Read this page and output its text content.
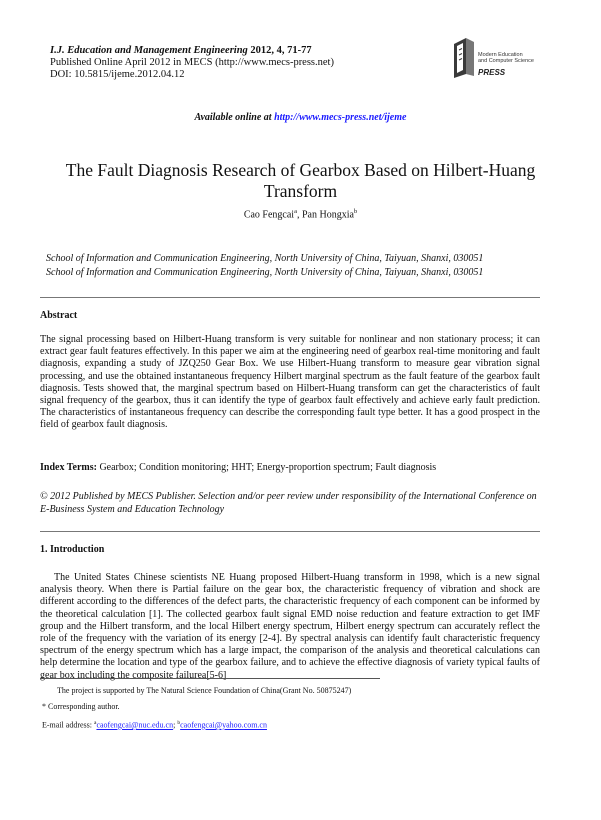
I.J. Education and Management Engineering 2012, 4, 71-77
Published Online April 2012 in MECS (http://www.mecs-press.net)
DOI: 10.5815/ijeme.2012.04.12
Modern Education
and Computer Science
PRESS
Available online at http://www.mecs-press.net/ijeme
The Fault Diagnosis Research of Gearbox Based on Hilbert-Huang Transform
Cao Fengcai$^a$, Pan Hongxia$^b$
School of Information and Communication Engineering, North University of China, Taiyuan, Shanxi, 030051
School of Information and Communication Engineering, North University of China, Taiyuan, Shanxi, 030051
Abstract
The signal processing based on Hilbert-Huang transform is very suitable for nonlinear and non stationary process; it can extract gear fault features effectively. In this paper we aim at the engineering need of gearbox real-time monitoring and fault diagnosis, expanding a study of JZQ250 Gear Box. We use Hilbert-Huang transform to measure gear vibration signal processing, and use the obtained instantaneous frequency Hilbert marginal spectrum as the fault feature of the gearbox fault diagnosis. Tests showed that, the marginal spectrum based on Hilbert-Huang transform can get the characteristics of fault signal frequency of the gearbox, thus it can identify the type of gearbox fault effectively and achieve early fault prediction. The characteristics of instantaneous frequency can describe the corresponding fault type better. It has a good prospect in the field of gearbox fault diagnosis.
Index Terms: Gearbox; Condition monitoring; HHT; Energy-proportion spectrum; Fault diagnosis
© 2012 Published by MECS Publisher. Selection and/or peer review under responsibility of the International Conference on E-Business System and Education Technology
1. Introduction
The United States Chinese scientists NE Huang proposed Hilbert-Huang transform in 1998, which is a new signal analysis theory. When there is Partial failure on the gear box, the characteristic frequency of vibration and shock are different according to the differences of the defect parts, the characteristic frequency of each component can be informed by the theoretical calculation [1]. The collected gearbox fault signal EMD noise reduction and feature extraction to get IMF group and the Hilbert transform, and the local Hilbert energy spectrum, Hilbert energy spectrum can accurately reflect the role of the frequency with the variation of its energy [2-4]. By spectral analysis can identify fault characteristic frequency spectrum of the energy spectrum which has a large impact, the comparison of the analysis and theoretical calculations can help determine the location and type of the gearbox failure, and to achieve the effective diagnosis of variety typical faults of gear box including the composite failurea[5-6]
The project is supported by The Natural Science Foundation of China(Grant No. 50875247)
* Corresponding author.
E-mail address: $^a$caofengcai@nuc.edu.cn; $^b$caofengcai@yahoo.com.cn
